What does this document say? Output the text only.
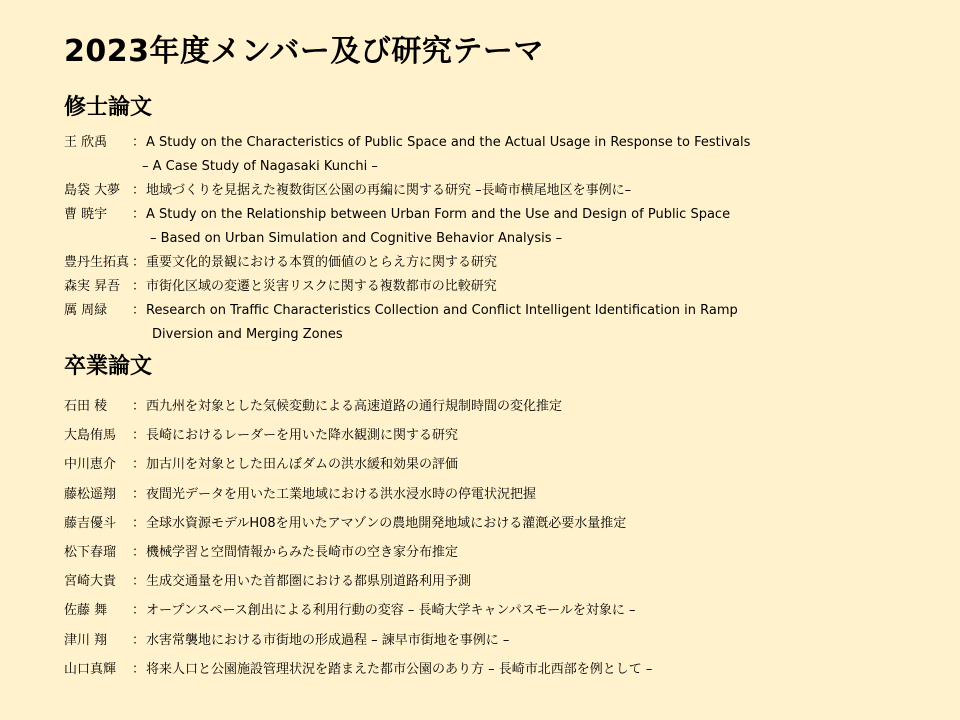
2023年度メンバー及び研究テーマ
修士論文
王 欣禹 ：A Study on the Characteristics of Public Space and the Actual Usage in Response to Festivals
– A Case Study of Nagasaki Kunchi –
島袋 大夢 ：地域づくりを見据えた複数街区公園の再編に関する研究 –長崎市横尾地区を事例に–
曹 暁宇 ：A Study on the Relationship between Urban Form and the Use and Design of Public Space
– Based on Urban Simulation and Cognitive Behavior Analysis –
豊丹生拓真 ：重要文化的景観における本質的価値のとらえ方に関する研究
森実 昇吾 ：市街化区域の変遷と災害リスクに関する複数都市の比較研究
厲 周緑 ：Research on Traffic Characteristics Collection and Conflict Intelligent Identification in Ramp
Diversion and Merging Zones
卒業論文
石田 稜 ：西九州を対象とした気候変動による高速道路の通行規制時間の変化推定
大島侑馬 ：長崎におけるレーダーを用いた降水観測に関する研究
中川恵介 ：加古川を対象とした田んぼダムの洪水緩和効果の評価
藤松遥翔 ：夜間光データを用いた工業地域における洪水浸水時の停電状況把握
藤吉優斗 ：全球水資源モデルH08を用いたアマゾンの農地開発地域における灌漑必要水量推定
松下春瑠 ：機械学習と空間情報からみた長崎市の空き家分布推定
宮崎大貴 ：生成交通量を用いた首都圏における都県別道路利用予測
佐藤 舞 ：オープンスペース創出による利用行動の変容 – 長崎大学キャンパスモールを対象に –
津川 翔 ：水害常襲地における市街地の形成過程 – 諫早市街地を事例に –
山口真輝 ：将来人口と公園施設管理状況を踏まえた都市公園のあり方 – 長崎市北西部を例として –
